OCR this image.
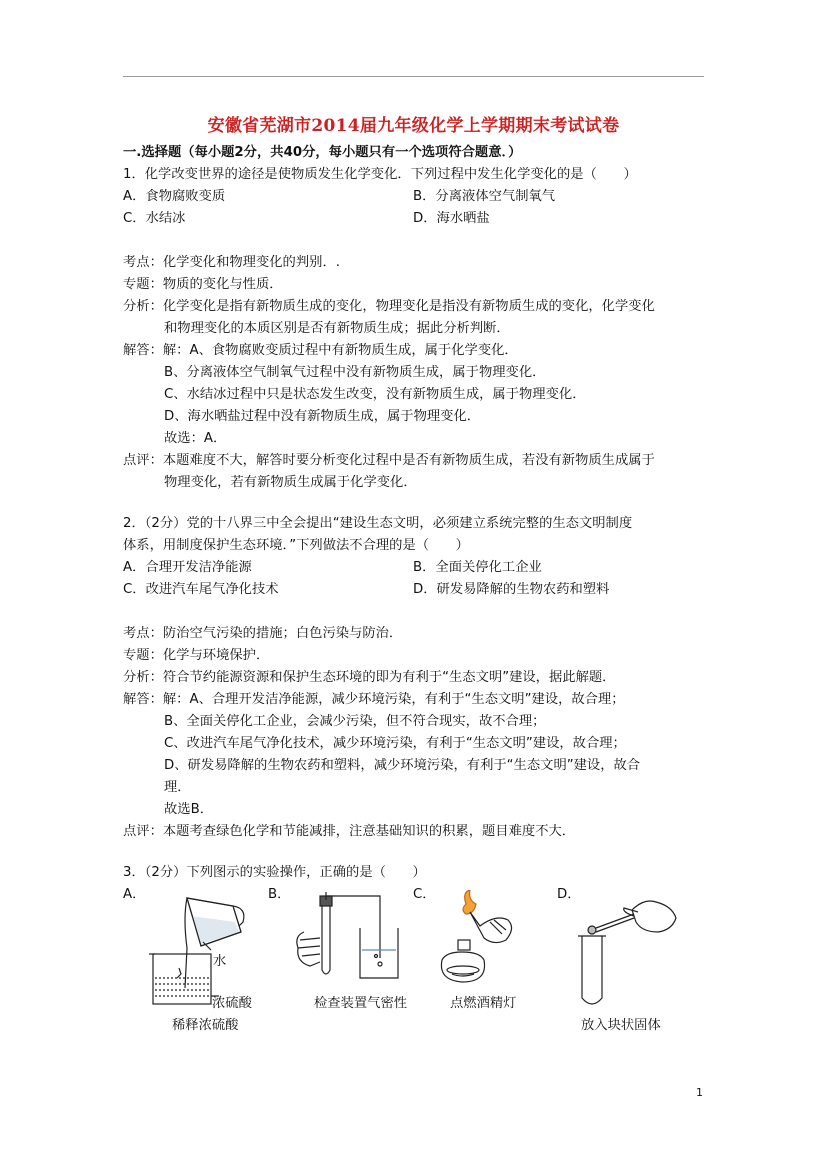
安徽省芜湖市2014届九年级化学上学期期末考试试卷
一.选择题（每小题2分，共40分，每小题只有一个选项符合题意．）
1．化学改变世界的途径是使物质发生化学变化．下列过程中发生化学变化的是（　　）
A．食物腐败变质	B．分离液体空气制氧气
C．水结冰	D．海水晒盐
考点：化学变化和物理变化的判别．.
专题：物质的变化与性质．
分析：化学变化是指有新物质生成的变化，物理变化是指没有新物质生成的变化，化学变化
和物理变化的本质区别是否有新物质生成；据此分析判断．
解答：解：A、食物腐败变质过程中有新物质生成，属于化学变化．
B、分离液体空气制氧气过程中没有新物质生成，属于物理变化．
C、水结冰过程中只是状态发生改变，没有新物质生成，属于物理变化．
D、海水晒盐过程中没有新物质生成，属于物理变化．
故选：A．
点评：本题难度不大，解答时要分析变化过程中是否有新物质生成，若没有新物质生成属于
物理变化，若有新物质生成属于化学变化．
2．（2分）党的十八界三中全会提出“建设生态文明，必须建立系统完整的生态文明制度
体系，用制度保护生态环境．”下列做法不合理的是（　　）
A．合理开发洁净能源	B．全面关停化工企业
C．改进汽车尾气净化技术	D．研发易降解的生物农药和塑料
考点：防治空气污染的措施；白色污染与防治．
专题：化学与环境保护．
分析：符合节约能源资源和保护生态环境的即为有利于“生态文明”建设，据此解题．
解答：解：A、合理开发洁净能源，减少环境污染，有利于“生态文明”建设，故合理；
B、全面关停化工企业，会减少污染，但不符合现实，故不合理；
C、改进汽车尾气净化技术，减少环境污染，有利于“生态文明”建设，故合理；
D、研发易降解的生物农药和塑料，减少环境污染，有利于“生态文明”建设，故合
理．
故选B．
点评：本题考查绿色化学和节能减排，注意基础知识的积累，题目难度不大．
3．（2分）下列图示的实验操作，正确的是（　　）
A．	B．	C．	D．
水
浓硫酸
稀释浓硫酸
检查装置气密性	点燃酒精灯
放入块状固体
1
